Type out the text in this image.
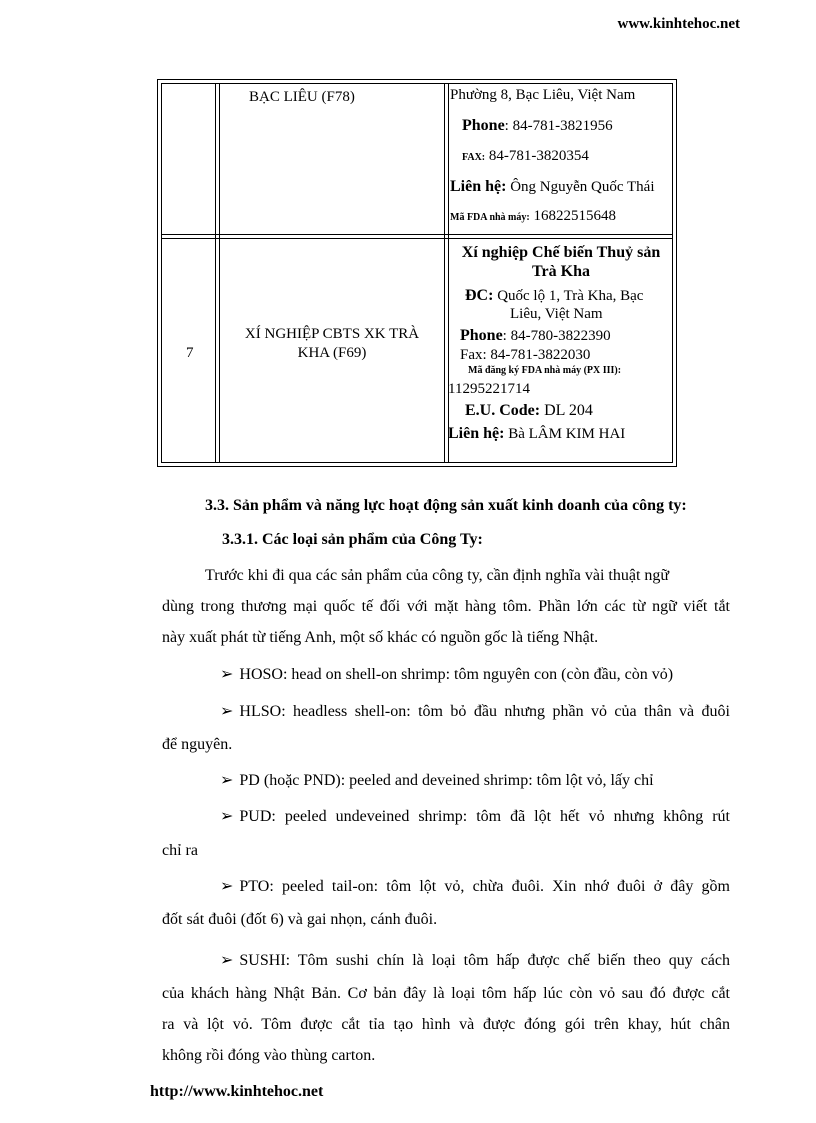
www.kinhtehoc.net
BẠC LIÊU (F78)	Phường 8, Bạc Liêu, Việt Nam
Phone: 84-781-3821956
FAX: 84-781-3820354
Liên hệ: Ông Nguyễn Quốc Thái
Mã FDA nhà máy: 16822515648
7
XÍ NGHIỆP CBTS XK TRÀ
KHA (F69)
Xí nghiệp Chế biến Thuỷ sản
Trà Kha
ĐC: Quốc lộ 1, Trà Kha, Bạc
Liêu, Việt Nam
Phone: 84-780-3822390
Fax: 84-781-3822030
Mã đăng ký FDA nhà máy (PX III):
11295221714
E.U. Code: DL 204
Liên hệ: Bà LÂM KIM HAI
3.3. Sản phẩm và năng lực hoạt động sản xuất kinh doanh của công ty:
3.3.1. Các loại sản phẩm của Công Ty:
Trước khi đi qua các sản phẩm của công ty, cần định nghĩa vài thuật ngữ
dùng trong thương mại quốc tế đối với mặt hàng tôm. Phần lớn các từ ngữ viết tắt
này xuất phát từ tiếng Anh, một số khác có nguồn gốc là tiếng Nhật.
➢ HOSO: head on shell-on shrimp: tôm nguyên con (còn đầu, còn vỏ)
➢ HLSO: headless shell-on: tôm bỏ đầu nhưng phần vỏ của thân và đuôi
để nguyên.
➢ PD (hoặc PND): peeled and deveined shrimp: tôm lột vỏ, lấy chỉ
➢ PUD: peeled undeveined shrimp: tôm đã lột hết vỏ nhưng không rút
chỉ ra
➢ PTO: peeled tail-on: tôm lột vỏ, chừa đuôi. Xin nhớ đuôi ở đây gồm
đốt sát đuôi (đốt 6) và gai nhọn, cánh đuôi.
➢ SUSHI: Tôm sushi chín là loại tôm hấp được chế biến theo quy cách
của khách hàng Nhật Bản. Cơ bản đây là loại tôm hấp lúc còn vỏ sau đó được cắt
ra và lột vỏ. Tôm được cắt tỉa tạo hình và được đóng gói trên khay, hút chân
không rồi đóng vào thùng carton.
http://www.kinhtehoc.net
